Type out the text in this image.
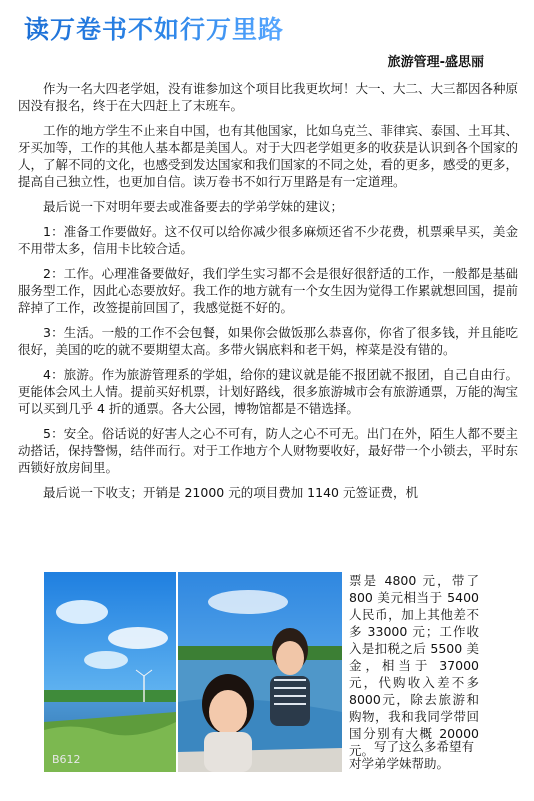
读万卷书不如行万里路
旅游管理-盛思丽

作为一名大四老学姐，没有谁参加这个项目比我更坎坷！大一、大二、大三都因各种原因没有报名，终于在大四赶上了末班车。

工作的地方学生不止来自中国，也有其他国家，比如乌克兰、菲律宾、泰国、土耳其、牙买加等，工作的其他人基本都是美国人。对于大四老学姐更多的收获是认识到各个国家的人，了解不同的文化，也感受到发达国家和我们国家的不同之处，看的更多，感受的更多，提高自己独立性，也更加自信。读万卷书不如行万里路是有一定道理。

最后说一下对明年要去或准备要去的学弟学妹的建议；

1：准备工作要做好。这不仅可以给你减少很多麻烦还省不少花费，机票乘早买，美金不用带太多，信用卡比较合适。

2：工作。心理准备要做好，我们学生实习都不会是很好很舒适的工作，一般都是基础服务型工作，因此心态要放好。我工作的地方就有一个女生因为觉得工作累就想回国，提前辞掉了工作，改签提前回国了，我感觉挺不好的。

3：生活。一般的工作不会包餐，如果你会做饭那么恭喜你，你省了很多钱，并且能吃很好，美国的吃的就不要期望太高。多带火锅底料和老干妈，榨菜是没有错的。

4：旅游。作为旅游管理系的学姐，给你的建议就是能不报团就不报团，自己自由行。更能体会风土人情。提前买好机票，计划好路线，很多旅游城市会有旅游通票，万能的淘宝可以买到几乎 4 折的通票。各大公园，博物馆都是不错选择。

5：安全。俗话说的好害人之心不可有，防人之心不可无。出门在外，陌生人都不要主动搭话，保持警惕，结伴而行。对于工作地方个人财物要收好，最好带一个小锁去，平时东西锁好放房间里。

最后说一下收支；开销是 21000 元的项目费加 1140 元签证费，机

B612
票是 4800 元，带了 800 美元相当于 5400 人民币，加上其他差不多 33000 元；工作收入是扣税之后 5500 美金，相当于 37000 元，代购收入差不多8000元，除去旅游和购物，我和我同学带回国分别有大概 20000 元。 写了这么多希望有对学弟学妹帮助。
